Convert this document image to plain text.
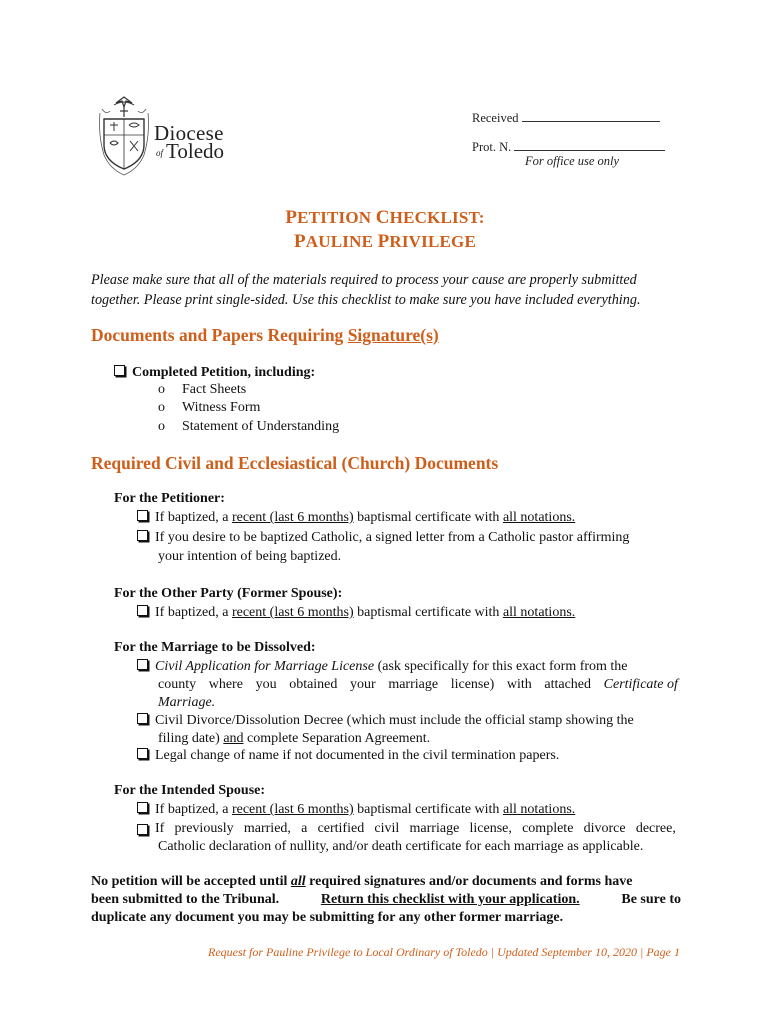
Diocese
of Toledo
Received
Prot. N.
For office use only
PETITION CHECKLIST:
PAULINE PRIVILEGE
Please make sure that all of the materials required to process your cause are properly submitted
together. Please print single-sided. Use this checklist to make sure you have included everything.
Documents and Papers Requiring Signature(s)
Completed Petition, including:
o Fact Sheets
o Witness Form
o Statement of Understanding
Required Civil and Ecclesiastical (Church) Documents
For the Petitioner:
If baptized, a recent (last 6 months) baptismal certificate with all notations.
If you desire to be baptized Catholic, a signed letter from a Catholic pastor affirming
your intention of being baptized.
For the Other Party (Former Spouse):
If baptized, a recent (last 6 months) baptismal certificate with all notations.
For the Marriage to be Dissolved:
Civil Application for Marriage License (ask specifically for this exact form from the
county where you obtained your marriage license) with attached Certificate of
Marriage.
Civil Divorce/Dissolution Decree (which must include the official stamp showing the
filing date) and complete Separation Agreement.
Legal change of name if not documented in the civil termination papers.
For the Intended Spouse:
If baptized, a recent (last 6 months) baptismal certificate with all notations.
If previously married, a certified civil marriage license, complete divorce decree,
Catholic declaration of nullity, and/or death certificate for each marriage as applicable.
No petition will be accepted until all required signatures and/or documents and forms have
been submitted to the Tribunal.	Return this checklist with your application.	Be sure to
duplicate any document you may be submitting for any other former marriage.
Request for Pauline Privilege to Local Ordinary of Toledo | Updated September 10, 2020 | Page 1
